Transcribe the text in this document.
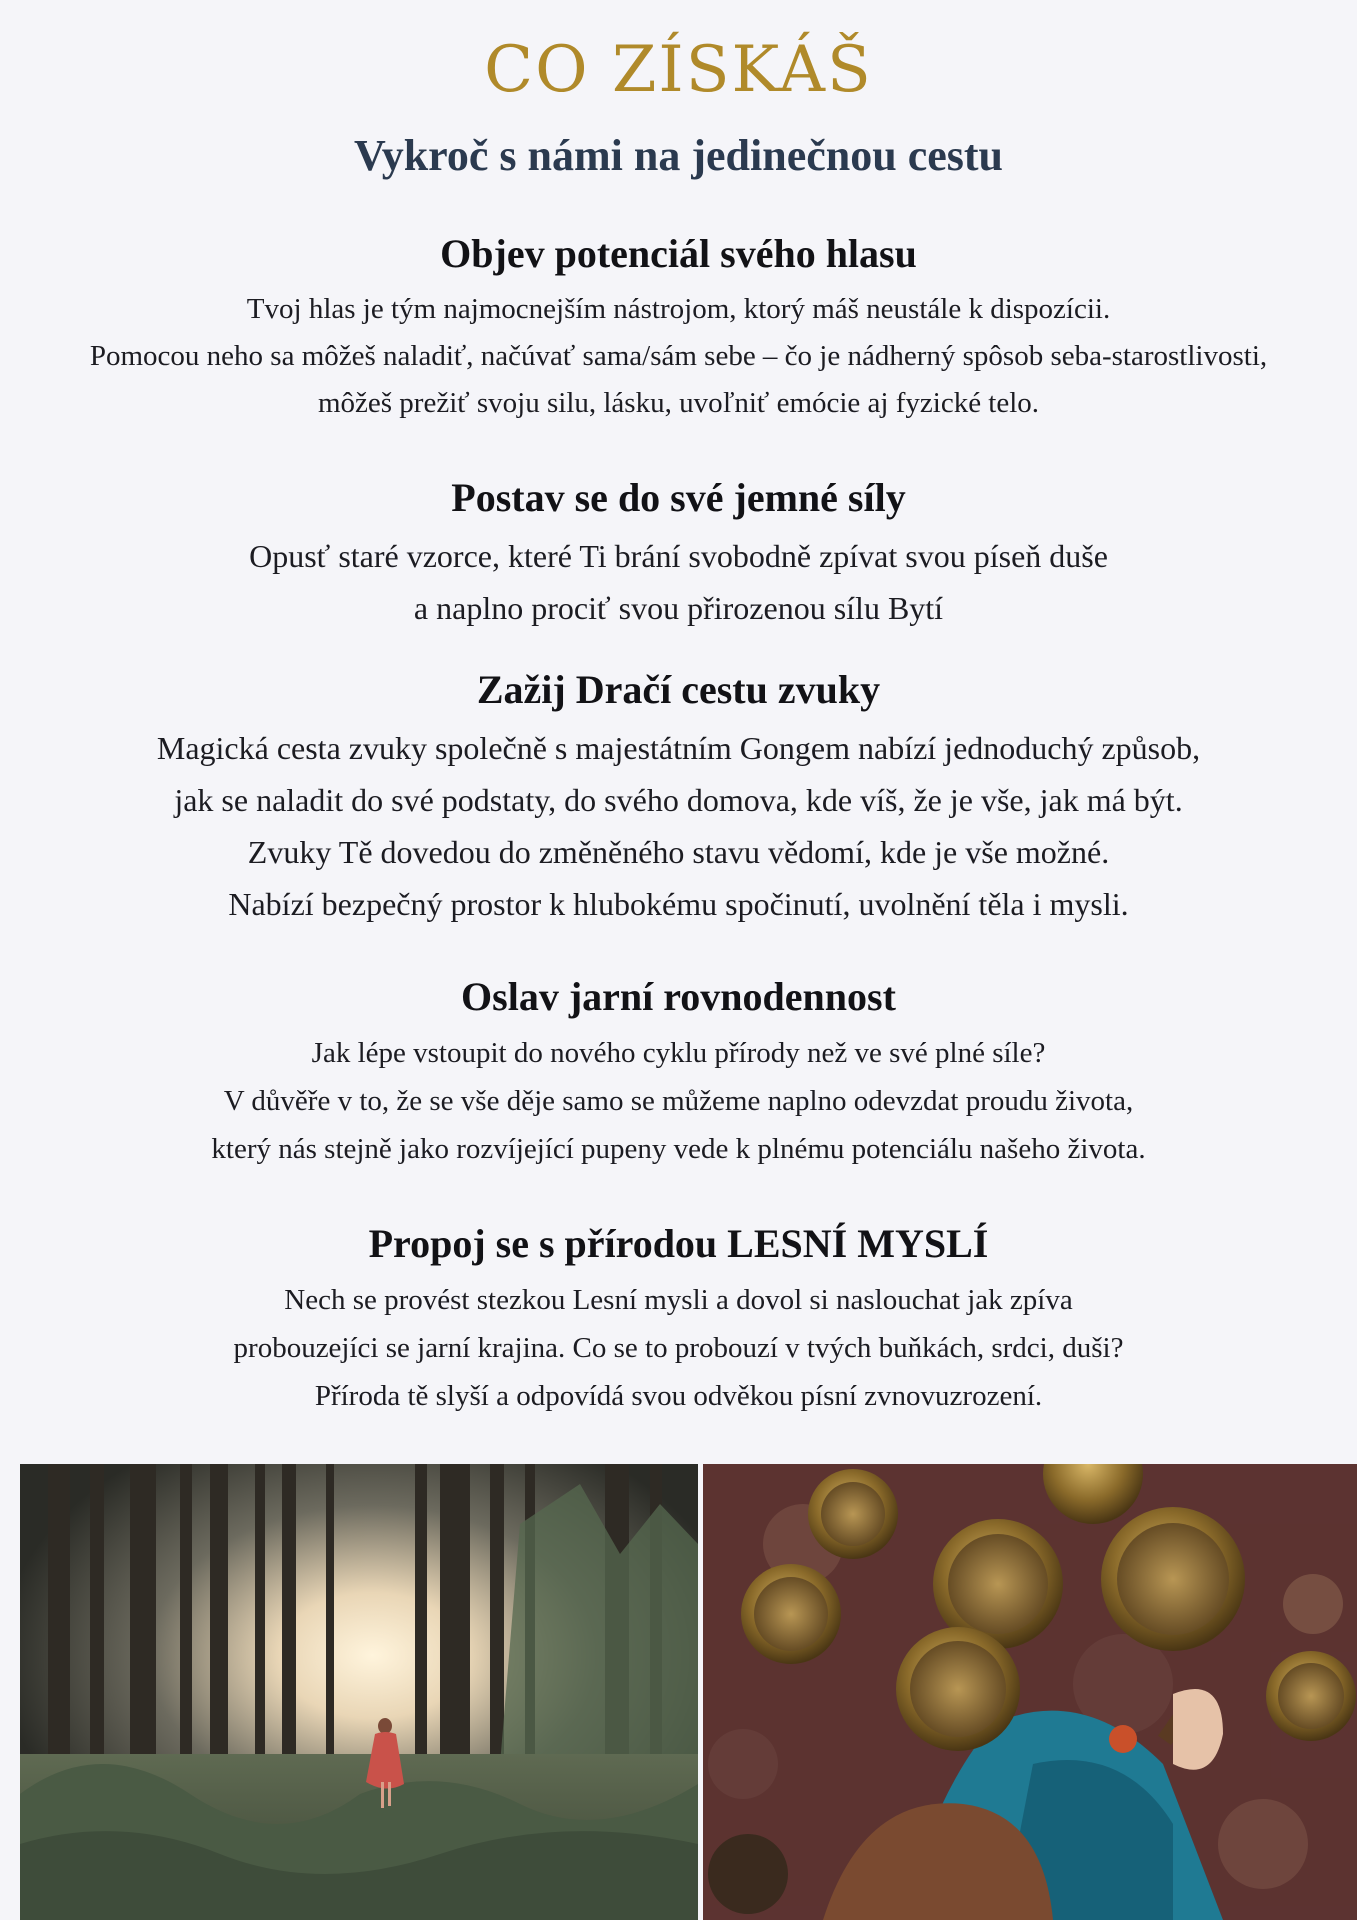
CO ZÍSKÁŠ
Vykroč s námi na jedinečnou cestu
Objev potenciál svého hlasu
Tvoj hlas je tým najmocnejším nástrojom, ktorý máš neustále k dispozícii.
Pomocou neho sa môžeš naladiť, načúvať sama/sám sebe – čo je nádherný spôsob seba-starostlivosti,
môžeš prežiť svoju silu, lásku, uvoľniť emócie aj fyzické telo.
Postav se do své jemné síly
Opusť staré vzorce, které Ti brání svobodně zpívat svou píseň duše
a naplno prociť svou přirozenou sílu Bytí
Zažij Dračí cestu zvuky
Magická cesta zvuky společně s majestátním Gongem nabízí jednoduchý způsob,
jak se naladit do své podstaty, do svého domova, kde víš, že je vše, jak má být.
Zvuky Tě dovedou do změněného stavu vědomí, kde je vše možné.
Nabízí bezpečný prostor k hlubokému spočinutí, uvolnění těla i mysli.
Oslav jarní rovnodennost
Jak lépe vstoupit do nového cyklu přírody než ve své plné síle?
V důvěře v to, že se vše děje samo se můžeme naplno odevzdat proudu života,
který nás stejně jako rozvíjející pupeny vede k plnému potenciálu našeho života.
Propoj se s přírodou LESNÍ MYSLÍ
Nech se provést stezkou Lesní mysli a dovol si naslouchat jak zpíva
probouzejíci se jarní krajina. Co se to probouzí v tvých buňkách, srdci, duši?
Příroda tě slyší a odpovídá svou odvěkou písní zvnovuzrození.
